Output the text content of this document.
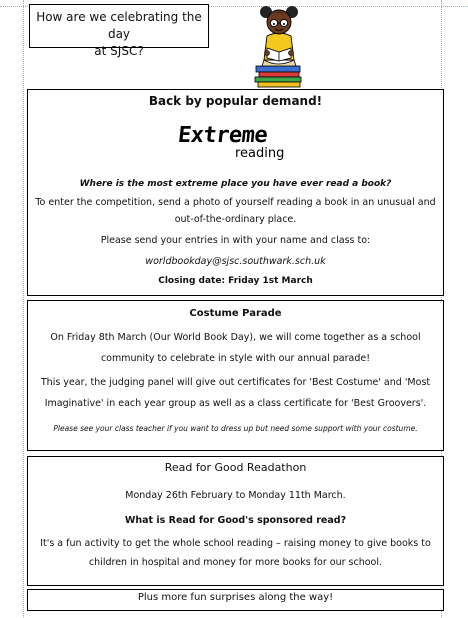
How are we celebrating the day
at SJSC?
Back by popular demand!
Extreme
reading
Where is the most extreme place you have ever read a book?
To enter the competition, send a photo of yourself reading a book in an unusual and
out-of-the-ordinary place.
Please send your entries in with your name and class to:
worldbookday@sjsc.southwark.sch.uk
Closing date: Friday 1st March
Costume Parade
On Friday 8th March (Our World Book Day), we will come together as a school
community to celebrate in style with our annual parade!
This year, the judging panel will give out certificates for 'Best Costume' and 'Most
Imaginative' in each year group as well as a class certificate for 'Best Groovers'.
Please see your class teacher if you want to dress up but need some support with your costume.
Read for Good Readathon
Monday 26th February to Monday 11th March.
What is Read for Good's sponsored read?
It's a fun activity to get the whole school reading – raising money to give books to
children in hospital and money for more books for our school.
Plus more fun surprises along the way!
